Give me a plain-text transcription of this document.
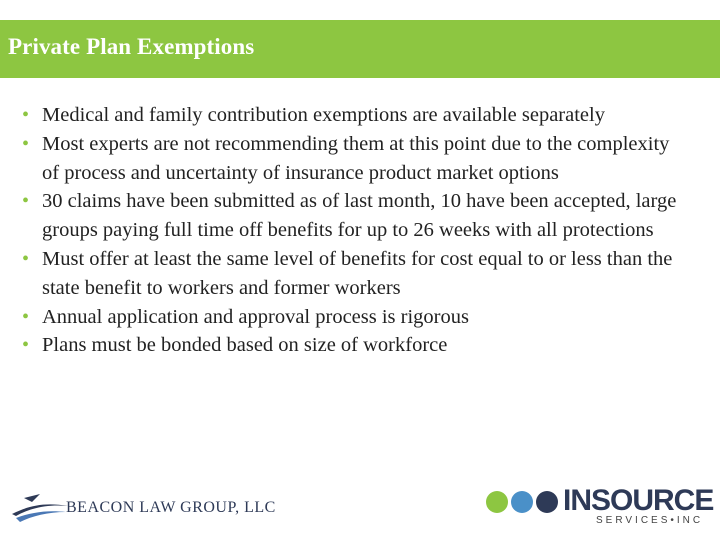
Private Plan Exemptions
• Medical and family contribution exemptions are available separately
• Most experts are not recommending them at this point due to the complexity of process and uncertainty of insurance product market options
• 30 claims have been submitted as of last month, 10 have been accepted, large groups paying full time off benefits for up to 26 weeks with all protections
• Must offer at least the same level of benefits for cost equal to or less than the state benefit to workers and former workers
• Annual application and approval process is rigorous
• Plans must be bonded based on size of workforce
BEACON LAW GROUP, LLC	INSOURCE
SERVICES•INC
